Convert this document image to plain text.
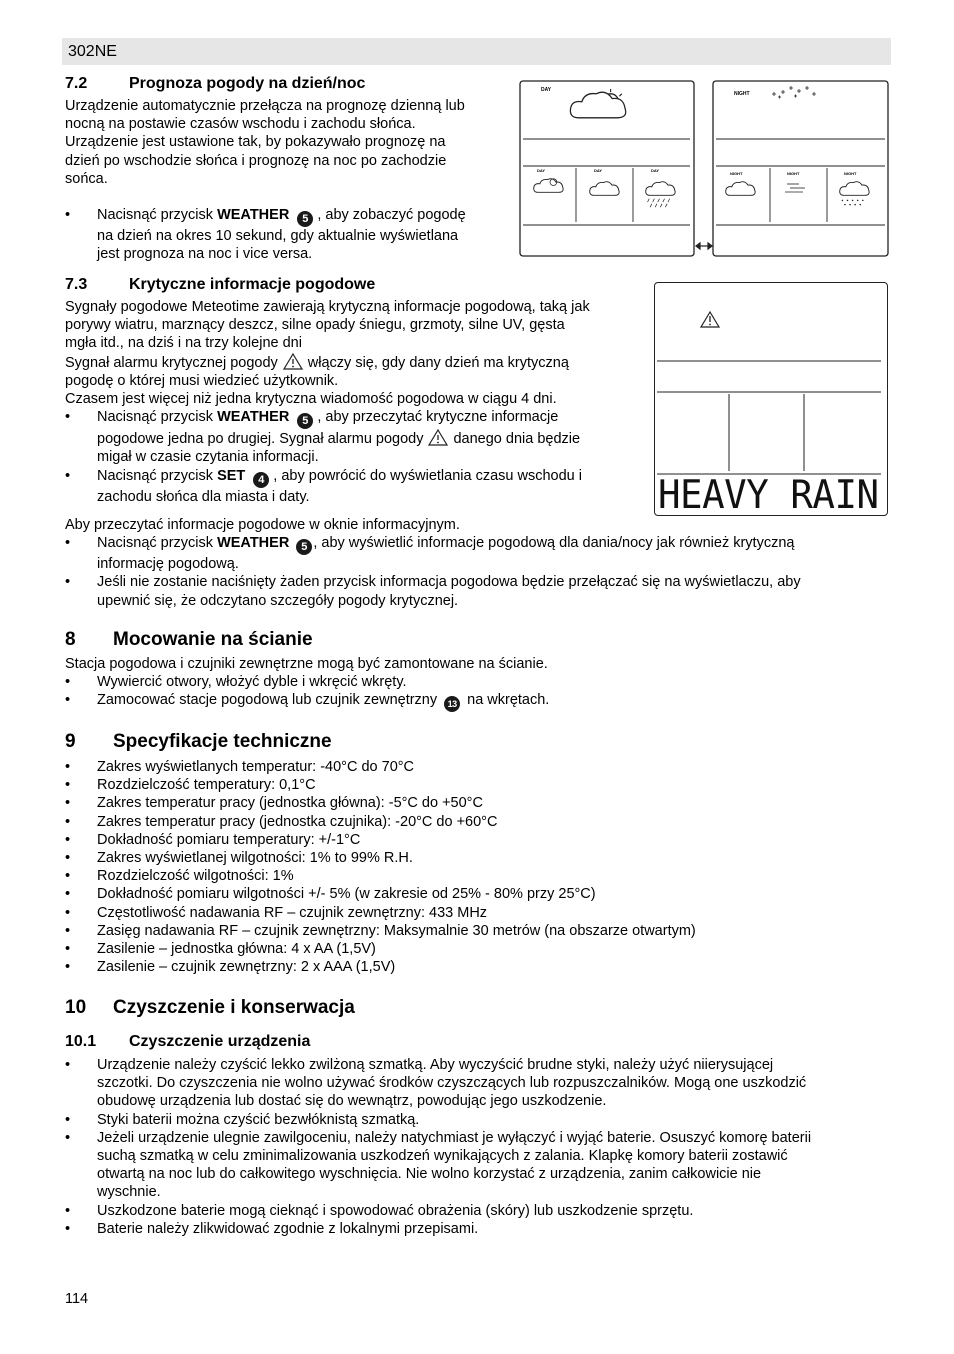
302NE
7.2	Prognoza pogody na dzień/noc

Urządzenie automatycznie przełącza na prognozę dzienną lub

nocną na postawie czasów wschodu i zachodu słońca.

Urządzenie jest ustawione tak, by pokazywało prognozę na

dzień po wschodzie słońca i prognozę na noc po zachodzie

sońca.

• Nacisnąć przycisk WEATHER 5 , aby zobaczyć pogodę

na dzień na okres 10 sekund, gdy aktualnie wyświetlana

jest prognoza na noc i vice versa.

DAY
DAY	DAY	DAY
NIGHT
NIGHT	NIGHT	NIGHT
7.3	Krytyczne informacje pogodowe

Sygnały pogodowe Meteotime zawierają krytyczną informacje pogodową, taką jak

porywy wiatru, marznący deszcz, silne opady śniegu, grzmoty, silne UV, gęsta

mgła itd., na dziś i na trzy kolejne dni

Sygnał alarmu krytycznej pogody włączy się, gdy dany dzień ma krytyczną

pogodę o której musi wiedzieć użytkownik.

Czasem jest więcej niż jedna krytyczna wiadomość pogodowa w ciągu 4 dni.

• Nacisnąć przycisk WEATHER 5 , aby przeczytać krytyczne informacje

pogodowe jedna po drugiej. Sygnał alarmu pogody danego dnia będzie

migał w czasie czytania informacji.

• Nacisnąć przycisk SET 4 , aby powrócić do wyświetlania czasu wschodu i

zachodu słońca dla miasta i daty.	HEAVY RAIN

Aby przeczytać informacje pogodowe w oknie informacyjnym.

• Nacisnąć przycisk WEATHER 5 , aby wyświetlić informacje pogodową dla dania/nocy jak również krytyczną

informację pogodową.

• Jeśli nie zostanie naciśnięty żaden przycisk informacja pogodowa będzie przełączać się na wyświetlaczu, aby

upewnić się, że odczytano szczegóły pogody krytycznej.

8 Mocowanie na ścianie

Stacja pogodowa i czujniki zewnętrzne mogą być zamontowane na ścianie.

• Wywiercić otwory, włożyć dyble i wkręcić wkręty.

• Zamocować stacje pogodową lub czujnik zewnętrzny 13 na wkrętach.

9 Specyfikacje techniczne
• Zakres wyświetlanych temperatur: -40°C do 70°C
• Rozdzielczość temperatury: 0,1°C
• Zakres temperatur pracy (jednostka główna): -5°C do +50°C
• Zakres temperatur pracy (jednostka czujnika): -20°C do +60°C
• Dokładność pomiaru temperatury: +/-1°C
• Zakres wyświetlanej wilgotności: 1% to 99% R.H.
• Rozdzielczość wilgotności: 1%
• Dokładność pomiaru wilgotności +/- 5% (w zakresie od 25% - 80% przy 25°C)
• Częstotliwość nadawania RF – czujnik zewnętrzny: 433 MHz
• Zasięg nadawania RF – czujnik zewnętrzny: Maksymalnie 30 metrów (na obszarze otwartym)
• Zasilenie – jednostka główna: 4 x AA (1,5V)
• Zasilenie – czujnik zewnętrzny: 2 x AAA (1,5V)
10 Czyszczenie i konserwacja
10.1 Czyszczenie urządzenia

• Urządzenie należy czyścić lekko zwilżoną szmatką. Aby wyczyścić brudne styki, należy użyć niierysującej

szczotki. Do czyszczenia nie wolno używać środków czyszczących lub rozpuszczalników. Mogą one uszkodzić

obudowę urządzenia lub dostać się do wewnątrz, powodując jego uszkodzenie.

• Styki baterii można czyścić bezwłóknistą szmatką.

• Jeżeli urządzenie ulegnie zawilgoceniu, należy natychmiast je wyłączyć i wyjąć baterie. Osuszyć komorę baterii

suchą szmatką w celu zminimalizowania uszkodzeń wynikających z zalania. Klapkę komory baterii zostawić

otwartą na noc lub do całkowitego wyschnięcia. Nie wolno korzystać z urządzenia, zanim całkowicie nie

wyschnie.

• Uszkodzone baterie mogą cieknąć i spowodować obrażenia (skóry) lub uszkodzenie sprzętu.

• Baterie należy zlikwidować zgodnie z lokalnymi przepisami.

114
